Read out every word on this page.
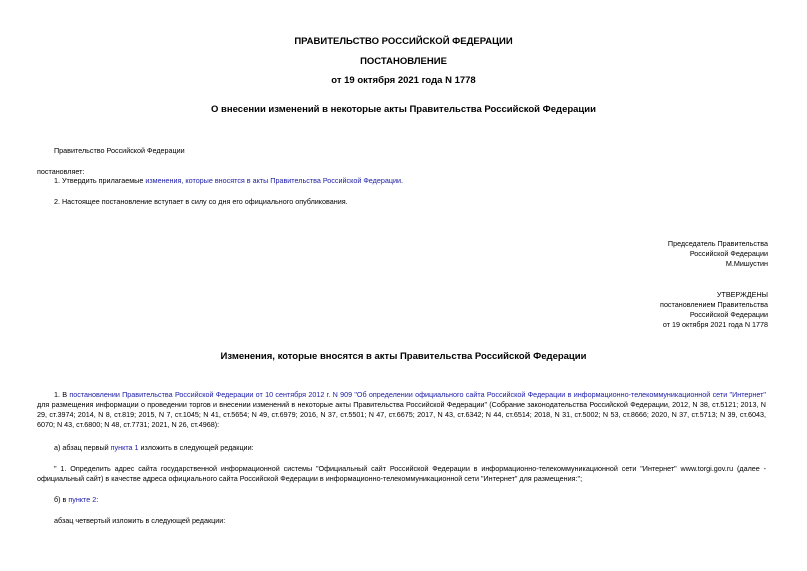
ПРАВИТЕЛЬСТВО РОССИЙСКОЙ ФЕДЕРАЦИИ
ПОСТАНОВЛЕНИЕ
от 19 октября 2021 года N 1778
О внесении изменений в некоторые акты Правительства Российской Федерации
Правительство Российской Федерации
постановляет:
1. Утвердить прилагаемые изменения, которые вносятся в акты Правительства Российской Федерации.
2. Настоящее постановление вступает в силу со дня его официального опубликования.
Председатель Правительства
Российской Федерации
М.Мишустин
УТВЕРЖДЕНЫ
постановлением Правительства
Российской Федерации
от 19 октября 2021 года N 1778
Изменения, которые вносятся в акты Правительства Российской Федерации
1. В постановлении Правительства Российской Федерации от 10 сентября 2012 г. N 909 "Об определении официального сайта Российской Федерации в информационно-телекоммуникационной сети "Интернет" для размещения информации о проведении торгов и внесении изменений в некоторые акты Правительства Российской Федерации" (Собрание законодательства Российской Федерации, 2012, N 38, ст.5121; 2013, N 29, ст.3974; 2014, N 8, ст.819; 2015, N 7, ст.1045; N 41, ст.5654; N 49, ст.6979; 2016, N 37, ст.5501; N 47, ст.6675; 2017, N 43, ст.6342; N 44, ст.6514; 2018, N 31, ст.5002; N 53, ст.8666; 2020, N 37, ст.5713; N 39, ст.6043, 6070; N 43, ст.6800; N 48, ст.7731; 2021, N 26, ст.4968):
а) абзац первый пункта 1 изложить в следующей редакции:
" 1. Определить адрес сайта государственной информационной системы "Официальный сайт Российской Федерации в информационно-телекоммуникационной сети "Интернет" www.torgi.gov.ru (далее - официальный сайт) в качестве адреса официального сайта Российской Федерации в информационно-телекоммуникационной сети "Интернет" для размещения:";
б) в пункте 2:
абзац четвертый изложить в следующей редакции:
